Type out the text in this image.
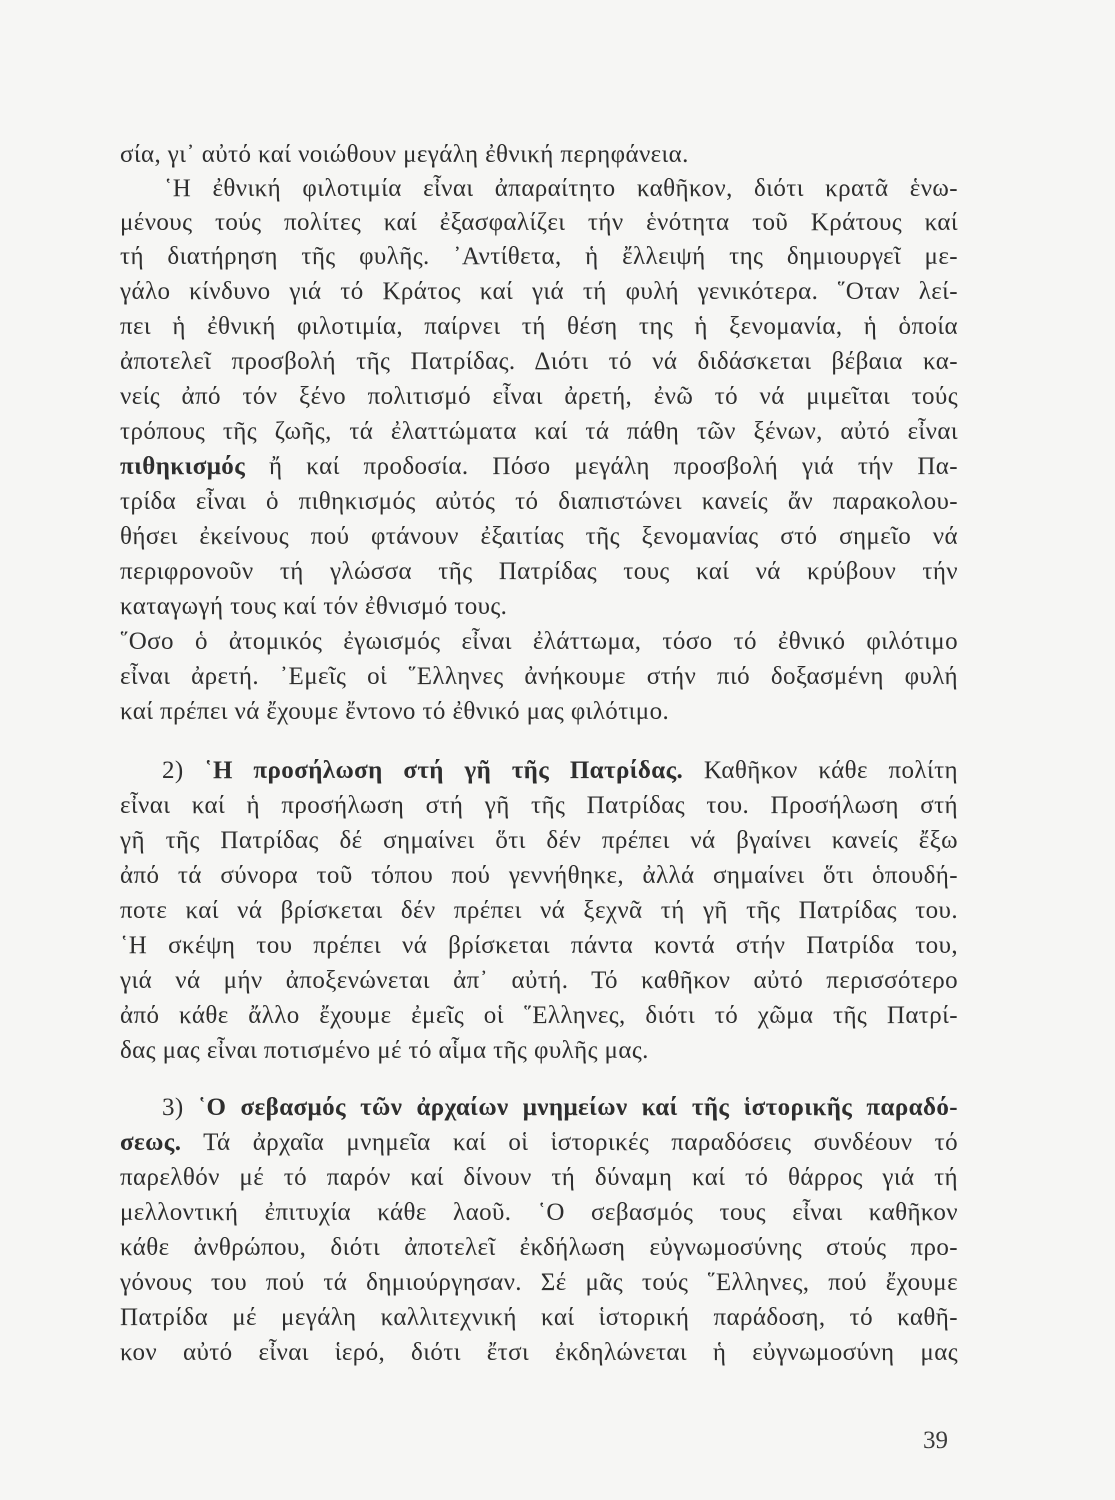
σία, γι᾽ αὐτό καί νοιώθουν μεγάλη ἐθνική περηφάνεια.
῾Η ἐθνική φιλοτιμία εἶναι ἀπαραίτητο καθῆκον, διότι κρατᾶ ἑνω-
μένους τούς πολίτες καί ἐξασφαλίζει τήν ἑνότητα τοῦ Κράτους καί
τή διατήρηση τῆς φυλῆς. ᾿Αντίθετα, ἡ ἔλλειψή της δημιουργεῖ με-
γάλο κίνδυνο γιά τό Κράτος καί γιά τή φυλή γενικότερα. ῞Οταν λεί-
πει ἡ ἐθνική φιλοτιμία, παίρνει τή θέση της ἡ ξενομανία, ἡ ὁποία
ἀποτελεῖ προσβολή τῆς Πατρίδας. Διότι τό νά διδάσκεται βέβαια κα-
νείς ἀπό τόν ξένο πολιτισμό εἶναι ἀρετή, ἐνῶ τό νά μιμεῖται τούς
τρόπους τῆς ζωῆς, τά ἐλαττώματα καί τά πάθη τῶν ξένων, αὐτό εἶναι
πιθηκισμός ἤ καί προδοσία. Πόσο μεγάλη προσβολή γιά τήν Πα-
τρίδα εἶναι ὁ πιθηκισμός αὐτός τό διαπιστώνει κανείς ἄν παρακολου-
θήσει ἐκείνους πού φτάνουν ἐξαιτίας τῆς ξενομανίας στό σημεῖο νά
περιφρονοῦν τή γλώσσα τῆς Πατρίδας τους καί νά κρύβουν τήν
καταγωγή τους καί τόν ἐθνισμό τους.
῞Οσο ὁ ἀτομικός ἐγωισμός εἶναι ἐλάττωμα, τόσο τό ἐθνικό φιλότιμο
εἶναι ἀρετή. ᾿Εμεῖς οἱ ῞Ελληνες ἀνήκουμε στήν πιό δοξασμένη φυλή
καί πρέπει νά ἔχουμε ἔντονο τό ἐθνικό μας φιλότιμο.
2) ῾Η προσήλωση στή γῆ τῆς Πατρίδας. Καθῆκον κάθε πολίτη
εἶναι καί ἡ προσήλωση στή γῆ τῆς Πατρίδας του. Προσήλωση στή
γῆ τῆς Πατρίδας δέ σημαίνει ὅτι δέν πρέπει νά βγαίνει κανείς ἔξω
ἀπό τά σύνορα τοῦ τόπου πού γεννήθηκε, ἀλλά σημαίνει ὅτι ὁπουδή-
ποτε καί νά βρίσκεται δέν πρέπει νά ξεχνᾶ τή γῆ τῆς Πατρίδας του.
῾Η σκέψη του πρέπει νά βρίσκεται πάντα κοντά στήν Πατρίδα του,
γιά νά μήν ἀποξενώνεται ἀπ᾽ αὐτή. Τό καθῆκον αὐτό περισσότερο
ἀπό κάθε ἄλλο ἔχουμε ἐμεῖς οἱ ῞Ελληνες, διότι τό χῶμα τῆς Πατρί-
δας μας εἶναι ποτισμένο μέ τό αἷμα τῆς φυλῆς μας.
3) ῾Ο σεβασμός τῶν ἀρχαίων μνημείων καί τῆς ἱστορικῆς παραδό-
σεως. Τά ἀρχαῖα μνημεῖα καί οἱ ἱστορικές παραδόσεις συνδέουν τό
παρελθόν μέ τό παρόν καί δίνουν τή δύναμη καί τό θάρρος γιά τή
μελλοντική ἐπιτυχία κάθε λαοῦ. ῾Ο σεβασμός τους εἶναι καθῆκον
κάθε ἀνθρώπου, διότι ἀποτελεῖ ἐκδήλωση εὐγνωμοσύνης στούς προ-
γόνους του πού τά δημιούργησαν. Σέ μᾶς τούς ῞Ελληνες, πού ἔχουμε
Πατρίδα μέ μεγάλη καλλιτεχνική καί ἱστορική παράδοση, τό καθῆ-
κον αὐτό εἶναι ἱερό, διότι ἔτσι ἐκδηλώνεται ἡ εὐγνωμοσύνη μας
39
